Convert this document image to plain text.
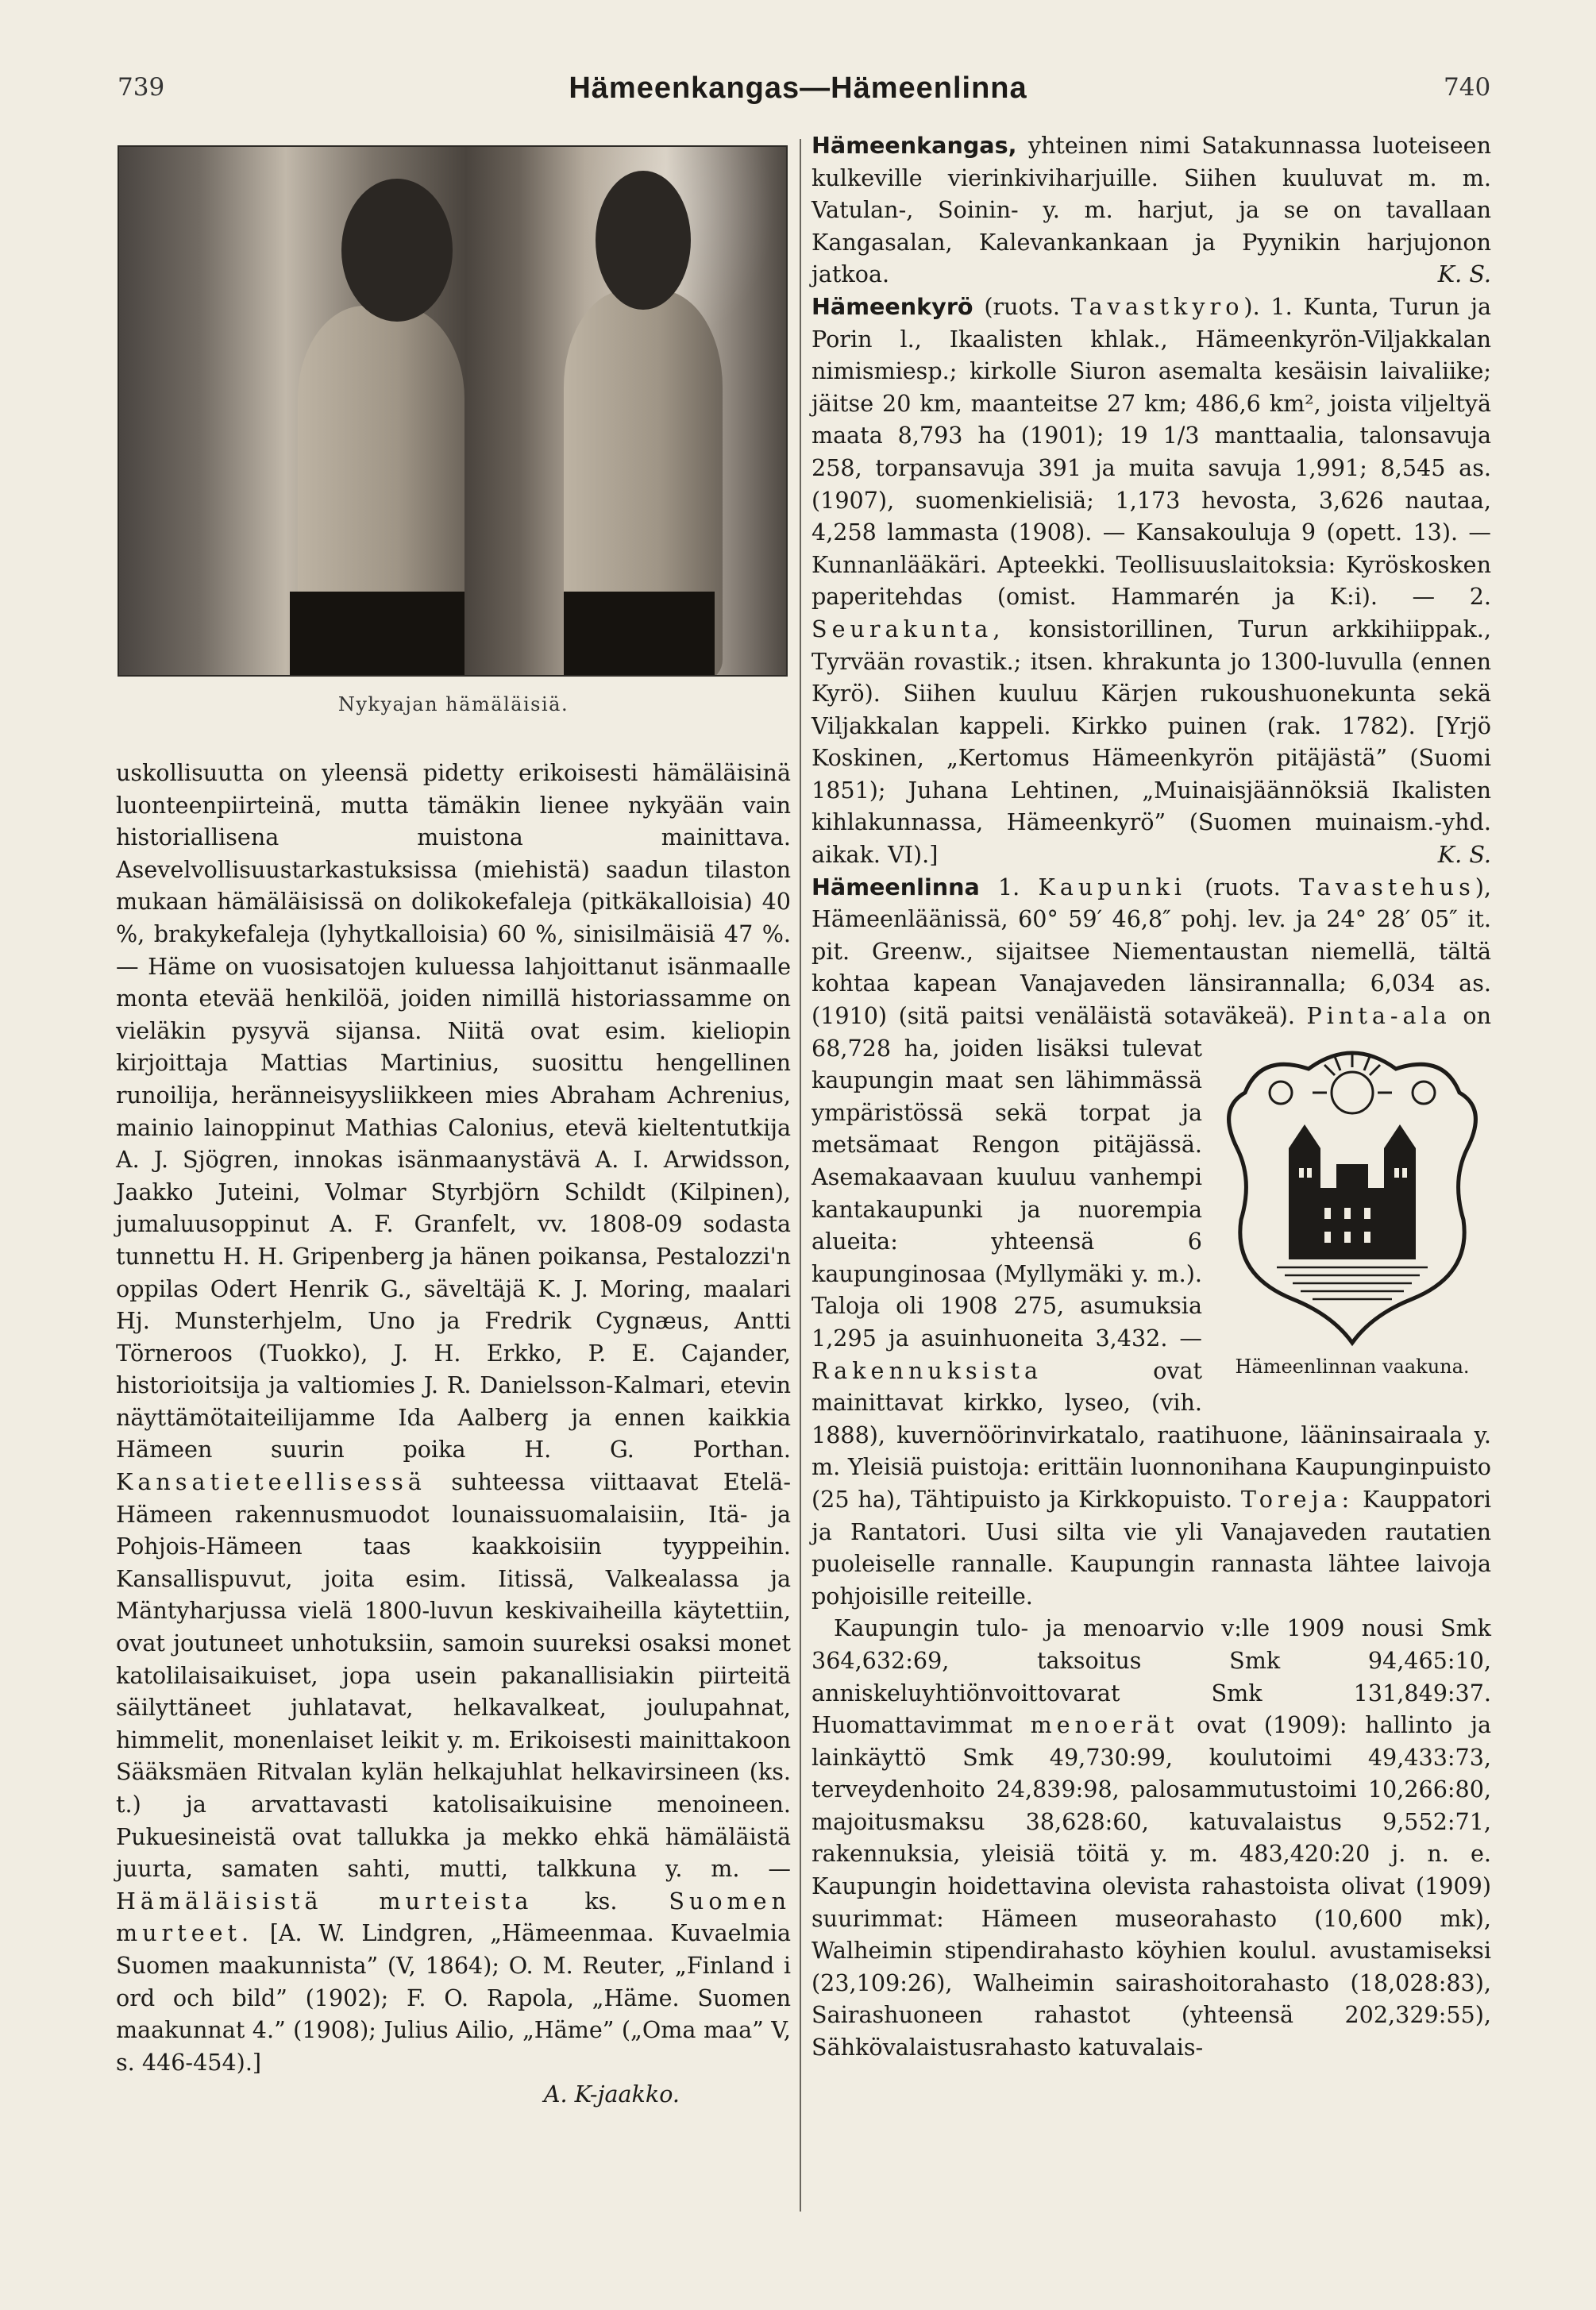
739	Hämeenkangas—Hämeenlinna	740
Nykyajan hämäläisiä.

uskollisuutta on yleensä pidetty erikoisesti hämäläisinä luonteenpiirteinä, mutta tämäkin lienee nykyään vain historiallisena muistona mainittava. Asevelvollisuustarkastuksissa (miehistä) saadun tilaston mukaan hämäläisissä on dolikokefaleja (pitkäkalloisia) 40 %, brakykefaleja (lyhytkalloisia) 60 %, sinisilmäisiä 47 %. — Häme on vuosisatojen kuluessa lahjoittanut isänmaalle monta etevää henkilöä, joiden nimillä historiassamme on vieläkin pysyvä sijansa. Niitä ovat esim. kieliopin kirjoittaja Mattias Martinius, suosittu hengellinen runoilija, heränneisyysliikkeen mies Abraham Achrenius, mainio lainoppinut Mathias Calonius, etevä kieltentutkija A. J. Sjögren, innokas isänmaanystävä A. I. Arwidsson, Jaakko Juteini, Volmar Styrbjörn Schildt (Kilpinen), jumaluusoppinut A. F. Granfelt, vv. 1808-09 sodasta tunnettu H. H. Gripenberg ja hänen poikansa, Pestalozzi'n oppilas Odert Henrik G., säveltäjä K. J. Moring, maalari Hj. Munsterhjelm, Uno ja Fredrik Cygnæus, Antti Törneroos (Tuokko), J. H. Erkko, P. E. Cajander, historioitsija ja valtiomies J. R. Danielsson-Kalmari, etevin näyttämötaiteilijamme Ida Aalberg ja ennen kaikkia Hämeen suurin poika H. G. Porthan. Kansatieteellisessä suhteessa viittaavat Etelä-Hämeen rakennusmuodot lounaissuomalaisiin, Itä- ja Pohjois-Hämeen taas kaakkoisiin tyyppeihin. Kansallispuvut, joita esim. Iitissä, Valkealassa ja Mäntyharjussa vielä 1800-luvun keskivaiheilla käytettiin, ovat joutuneet unhotuksiin, samoin suureksi osaksi monet katolilaisaikuiset, jopa usein pakanallisiakin piirteitä säilyttäneet juhlatavat, helkavalkeat, joulupahnat, himmelit, monenlaiset leikit y. m. Erikoisesti mainittakoon Sääksmäen Ritvalan kylän helkajuhlat helkavirsineen (ks. t.) ja arvattavasti katolisaikuisine menoineen. Pukuesineistä ovat tallukka ja mekko ehkä hämäläistä juurta, samaten sahti, mutti, talkkuna y. m. — Hämäläisistä murteista ks. Suomen murteet. [A. W. Lindgren, „Hämeenmaa. Kuvaelmia Suomen maakunnista” (V, 1864); O. M. Reuter, „Finland i ord och bild” (1902); F. O. Rapola, „Häme. Suomen maakunnat 4.” (1908); Julius Ailio, „Häme” („Oma maa” V, s. 446-454).]

A. K-jaakko.

Hämeenkangas, yhteinen nimi Satakunnassa luoteiseen kulkeville vierinkiviharjuille. Siihen kuuluvat m. m. Vatulan-, Soinin- y. m. harjut, ja se on tavallaan Kangasalan, Kalevankankaan ja Pyynikin harjujonon jatkoa.	K. S.

Hämeenkyrö (ruots. Tavastkyro). 1. Kunta, Turun ja Porin l., Ikaalisten khlak., Hämeenkyrön-Viljakkalan nimismiesp.; kirkolle Siuron asemalta kesäisin laivaliike; jäitse 20 km, maanteitse 27 km; 486,6 km², joista viljeltyä maata 8,793 ha (1901); 19 1/3 manttaalia, talonsavuja 258, torpansavuja 391 ja muita savuja 1,991; 8,545 as. (1907), suomenkielisiä; 1,173 hevosta, 3,626 nautaa, 4,258 lammasta (1908). — Kansakouluja 9 (opett. 13). — Kunnanlääkäri. Apteekki. Teollisuuslaitoksia: Kyröskosken paperitehdas (omist. Hammarén ja K:i). — 2. Seurakunta, konsistorillinen, Turun arkkihiippak., Tyrvään rovastik.; itsen. khrakunta jo 1300-luvulla (ennen Kyrö). Siihen kuuluu Kärjen rukoushuonekunta sekä Viljakkalan kappeli. Kirkko puinen (rak. 1782). [Yrjö Koskinen, „Kertomus Hämeenkyrön pitäjästä” (Suomi 1851); Juhana Lehtinen, „Muinaisjäännöksiä Ikalisten kihlakunnassa, Hämeenkyrö” (Suomen muinaism.-yhd. aikak. VI).]	K. S.

Hämeenlinna 1. Kaupunki (ruots. Tavastehus), Hämeenläänissä, 60° 59′ 46,8″ pohj. lev. ja 24° 28′ 05″ it. pit. Greenw., sijaitsee Niementaustan niemellä, tältä kohtaa kapean Vanajaveden länsirannalla; 6,034 as. (1910) (sitä paitsi venäläistä sotaväkeä).
Hämeenlinnan vaakuna.
Pinta-ala on 68,728 ha, joiden lisäksi tulevat kaupungin maat sen lähimmässä ympäristössä sekä torpat ja metsämaat Rengon pitäjässä. Asemakaavaan kuuluu vanhempi kantakaupunki ja nuorempia alueita: yhteensä 6 kaupunginosaa (Myllymäki y. m.). Taloja oli 1908 275, asumuksia 1,295 ja asuinhuoneita 3,432. — Rakennuksista ovat mainittavat kirkko, lyseo, (vih. 1888), kuvernöörinvirkatalo, raatihuone, lääninsairaala y. m. Yleisiä puistoja: erittäin luonnonihana Kaupunginpuisto (25 ha), Tähtipuisto ja Kirkkopuisto. Toreja: Kauppatori ja Rantatori. Uusi silta vie yli Vanajaveden rautatien puoleiselle rannalle. Kaupungin rannasta lähtee laivoja pohjoisille reiteille.

Kaupungin tulo- ja menoarvio v:lle 1909 nousi Smk 364,632:69, taksoitus Smk 94,465:10, anniskeluyhtiönvoittovarat Smk 131,849:37. Huomattavimmat menoerät ovat (1909): hallinto ja lainkäyttö Smk 49,730:99, koulutoimi 49,433:73, terveydenhoito 24,839:98, palosammutustoimi 10,266:80, majoitusmaksu 38,628:60, katuvalaistus 9,552:71, rakennuksia, yleisiä töitä y. m. 483,420:20 j. n. e. Kaupungin hoidettavina olevista rahastoista olivat (1909) suurimmat: Hämeen museorahasto (10,600 mk), Walheimin stipendirahasto köyhien koulul. avustamiseksi (23,109:26), Walheimin sairashoitorahasto (18,028:83), Sairashuoneen rahastot (yhteensä 202,329:55), Sähkövalaistusrahasto katuvalais-
